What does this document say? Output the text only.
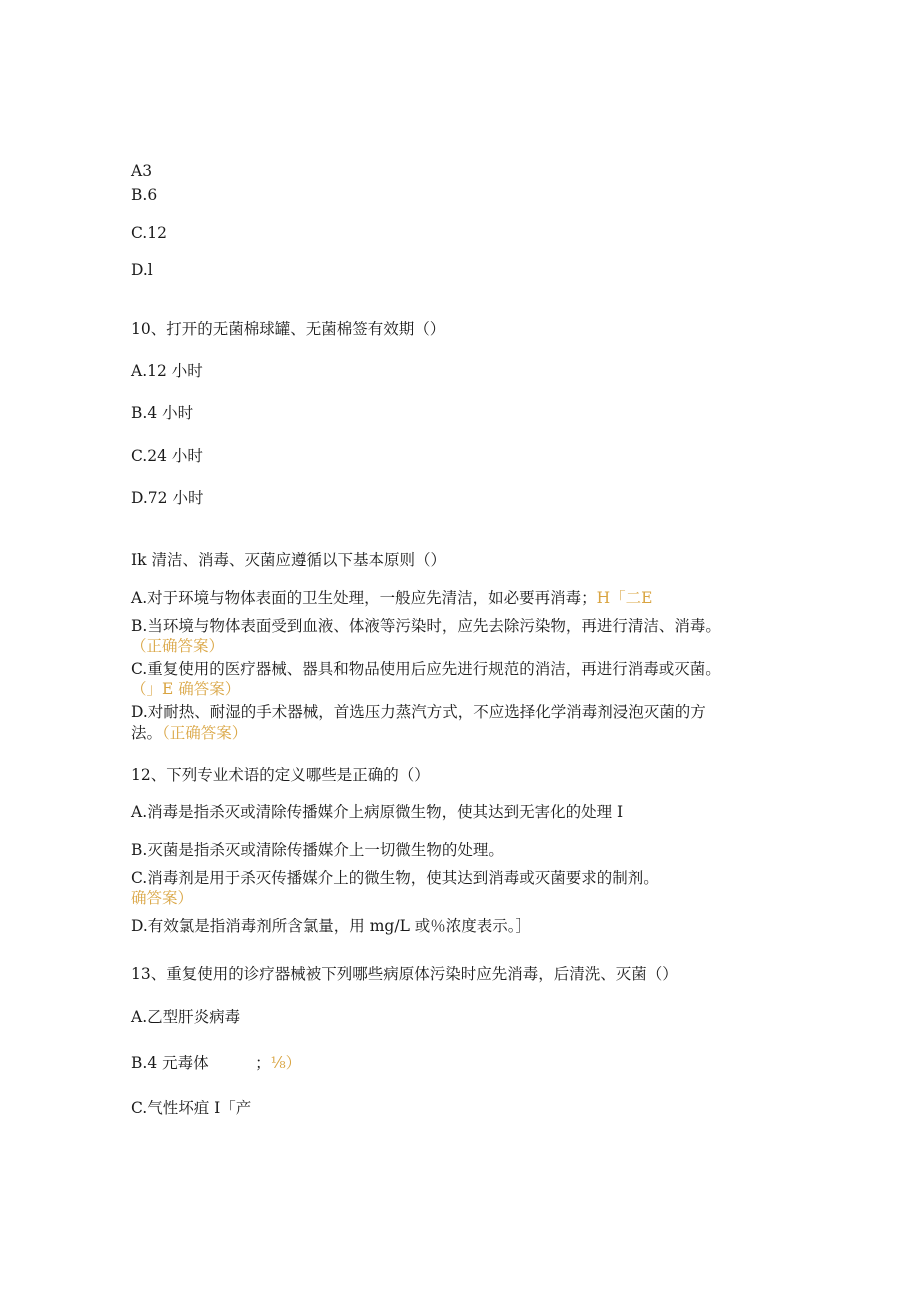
A3
B.6
C.12
D.l
10、打开的无菌棉球罐、无菌棉签有效期（）
A.12 小时
B.4 小时
C.24 小时
D.72 小时
Ik 清洁、消毒、灭菌应遵循以下基本原则（）
A.对于环境与物体表面的卫生处理，一般应先清洁，如必要再消毒；H「二E
B.当环境与物体表面受到血液、体液等污染时，应先去除污染物，再进行清洁、消毒。
（正确答案）
C.重复使用的医疗器械、器具和物品使用后应先进行规范的消洁，再进行消毒或灭菌。
（」E 确答案）
D.对耐热、耐湿的手术器械，首选压力蒸汽方式，不应选择化学消毒剂浸泡灭菌的方
法。（正确答案）
12、下列专业术语的定义哪些是正确的（）
A.消毒是指杀灭或清除传播媒介上病原微生物，使其达到无害化的处理 I
B.灭菌是指杀灭或清除传播媒介上一切微生物的处理。
C.消毒剂是用于杀灭传播媒介上的微生物，使其达到消毒或灭菌要求的制剂。
确答案）
D.有效氯是指消毒剂所含氯量，用 mg/L 或％浓度表示。］
13、重复使用的诊疗器械被下列哪些病原体污染时应先消毒，后清洗、灭菌（）
A.乙型肝炎病毒
B.4 元毒体　　　；⅛）
C.气性坏疽 I「产
